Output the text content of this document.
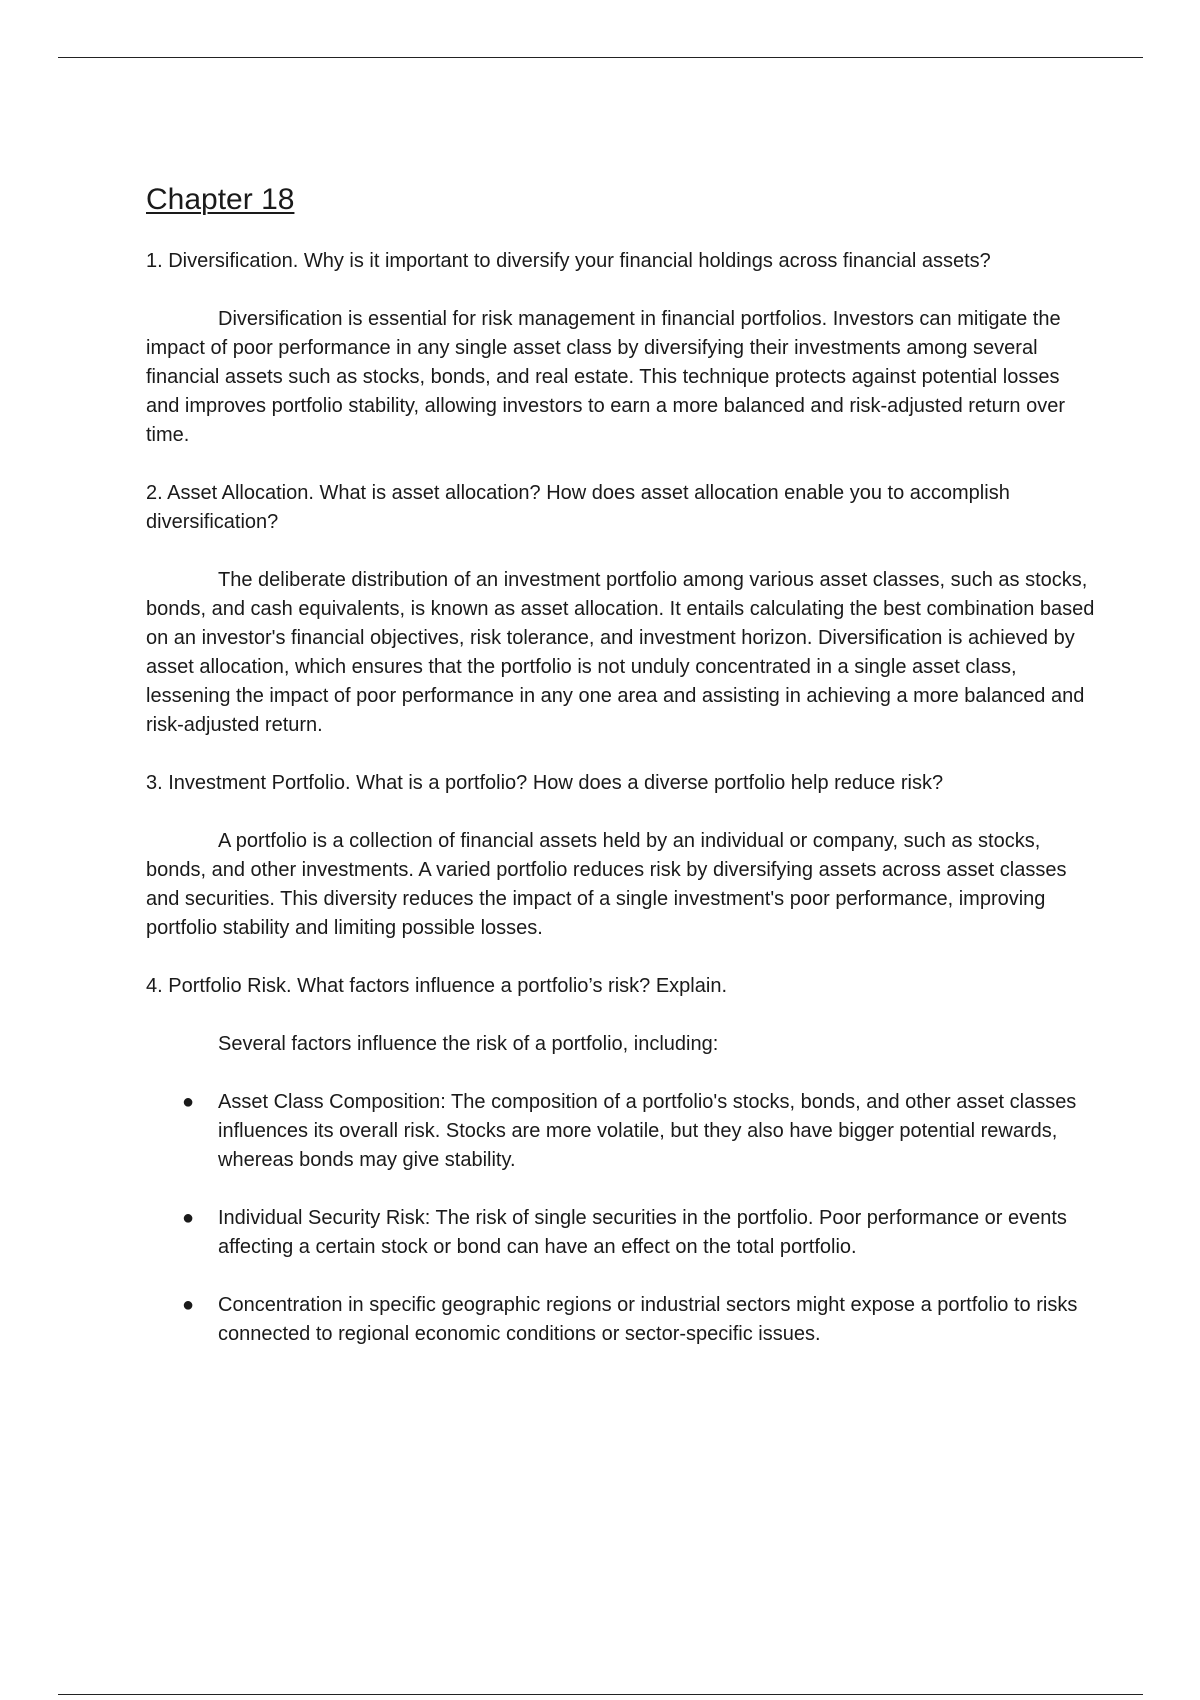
Chapter 18

1. Diversification. Why is it important to diversify your financial holdings across financial assets?

Diversification is essential for risk management in financial portfolios. Investors can mitigate the impact of poor performance in any single asset class by diversifying their investments among several financial assets such as stocks, bonds, and real estate. This technique protects against potential losses and improves portfolio stability, allowing investors to earn a more balanced and risk-adjusted return over time.

2. Asset Allocation. What is asset allocation? How does asset allocation enable you to accomplish diversification?

The deliberate distribution of an investment portfolio among various asset classes, such as stocks, bonds, and cash equivalents, is known as asset allocation. It entails calculating the best combination based on an investor's financial objectives, risk tolerance, and investment horizon. Diversification is achieved by asset allocation, which ensures that the portfolio is not unduly concentrated in a single asset class, lessening the impact of poor performance in any one area and assisting in achieving a more balanced and risk-adjusted return.

3. Investment Portfolio. What is a portfolio? How does a diverse portfolio help reduce risk?

A portfolio is a collection of financial assets held by an individual or company, such as stocks, bonds, and other investments. A varied portfolio reduces risk by diversifying assets across asset classes and securities. This diversity reduces the impact of a single investment's poor performance, improving portfolio stability and limiting possible losses.

4. Portfolio Risk. What factors influence a portfolio’s risk? Explain.

Several factors influence the risk of a portfolio, including:

● Asset Class Composition: The composition of a portfolio's stocks, bonds, and other asset classes influences its overall risk. Stocks are more volatile, but they also have bigger potential rewards, whereas bonds may give stability.
● Individual Security Risk: The risk of single securities in the portfolio. Poor performance or events affecting a certain stock or bond can have an effect on the total portfolio.
● Concentration in specific geographic regions or industrial sectors might expose a portfolio to risks connected to regional economic conditions or sector-specific issues.
